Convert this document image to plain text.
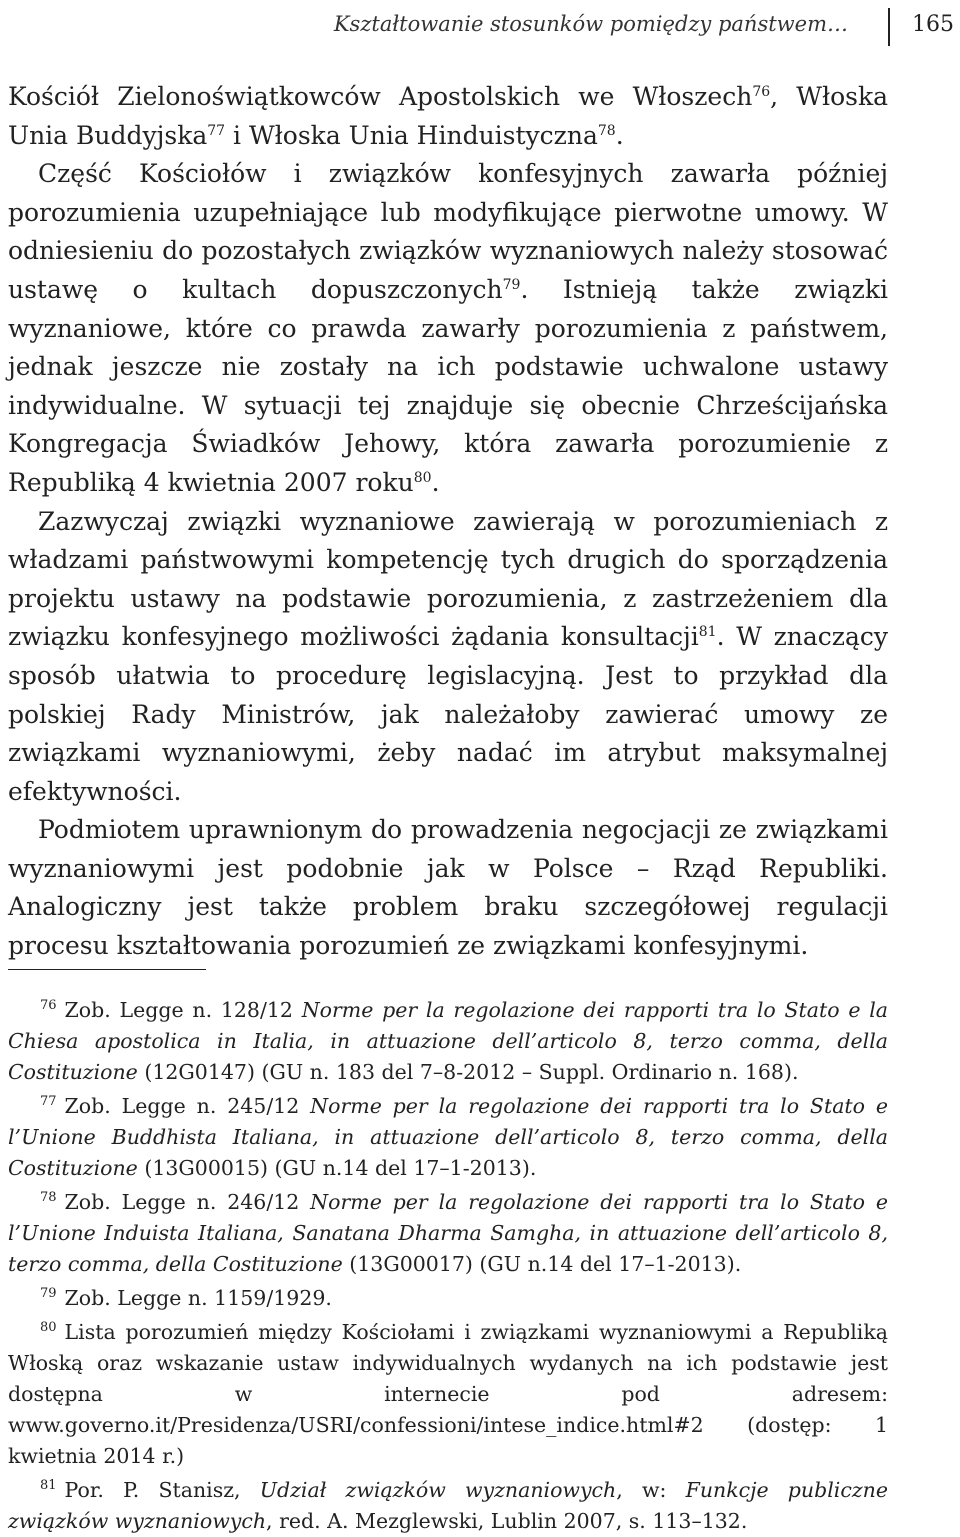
Kształtowanie stosunków pomiędzy państwem…	165

Kościół Zielonoświątkowców Apostolskich we Włoszech$^{76}$, Włoska Unia Buddyjska$^{77}$ i Włoska Unia Hinduistyczna$^{78}$.

Część Kościołów i związków konfesyjnych zawarła później porozumienia uzupełniające lub modyfikujące pierwotne umowy. W odniesieniu do pozostałych związków wyznaniowych należy stosować ustawę o kultach dopuszczonych$^{79}$. Istnieją także związki wyznaniowe, które co prawda zawarły porozumienia z państwem, jednak jeszcze nie zostały na ich podstawie uchwalone ustawy indywidualne. W sytuacji tej znajduje się obecnie Chrześcijańska Kongregacja Świadków Jehowy, która zawarła porozumienie z Republiką 4 kwietnia 2007 roku$^{80}$.

Zazwyczaj związki wyznaniowe zawierają w porozumieniach z władzami państwowymi kompetencję tych drugich do sporządzenia projektu ustawy na podstawie porozumienia, z zastrzeżeniem dla związku konfesyjnego możliwości żądania konsultacji$^{81}$. W znaczący sposób ułatwia to procedurę legislacyjną. Jest to przykład dla polskiej Rady Ministrów, jak należałoby zawierać umowy ze związkami wyznaniowymi, żeby nadać im atrybut maksymalnej efektywności.

Podmiotem uprawnionym do prowadzenia negocjacji ze związkami wyznaniowymi jest podobnie jak w Polsce – Rząd Republiki. Analogiczny jest także problem braku szczegółowej regulacji procesu kształtowania porozumień ze związkami konfesyjnymi.

$^{76}$ Zob. Legge n. 128/12 Norme per la regolazione dei rapporti tra lo Stato e la Chiesa apostolica in Italia, in attuazione dell’articolo 8, terzo comma, della Costituzione (12G0147) (GU n. 183 del 7–8-2012 – Suppl. Ordinario n. 168).

$^{77}$ Zob. Legge n. 245/12 Norme per la regolazione dei rapporti tra lo Stato e l’Unione Buddhista Italiana, in attuazione dell’articolo 8, terzo comma, della Costituzione (13G00015) (GU n.14 del 17–1-2013).

$^{78}$ Zob. Legge n. 246/12 Norme per la regolazione dei rapporti tra lo Stato e l’Unione Induista Italiana, Sanatana Dharma Samgha, in attuazione dell’articolo 8, terzo comma, della Costituzione (13G00017) (GU n.14 del 17–1-2013).

$^{79}$ Zob. Legge n. 1159/1929.

$^{80}$ Lista porozumień między Kościołami i związkami wyznaniowymi a Republiką Włoską oraz wskazanie ustaw indywidualnych wydanych na ich podstawie jest dostępna w internecie pod adresem: www.governo.it/Presidenza/USRI/confessioni/intese_indice.html#2 (dostęp: 1 kwietnia 2014 r.)

$^{81}$ Por. P. Stanisz, Udział związków wyznaniowych, w: Funkcje publiczne związków wyznaniowych, red. A. Mezglewski, Lublin 2007, s. 113–132.
